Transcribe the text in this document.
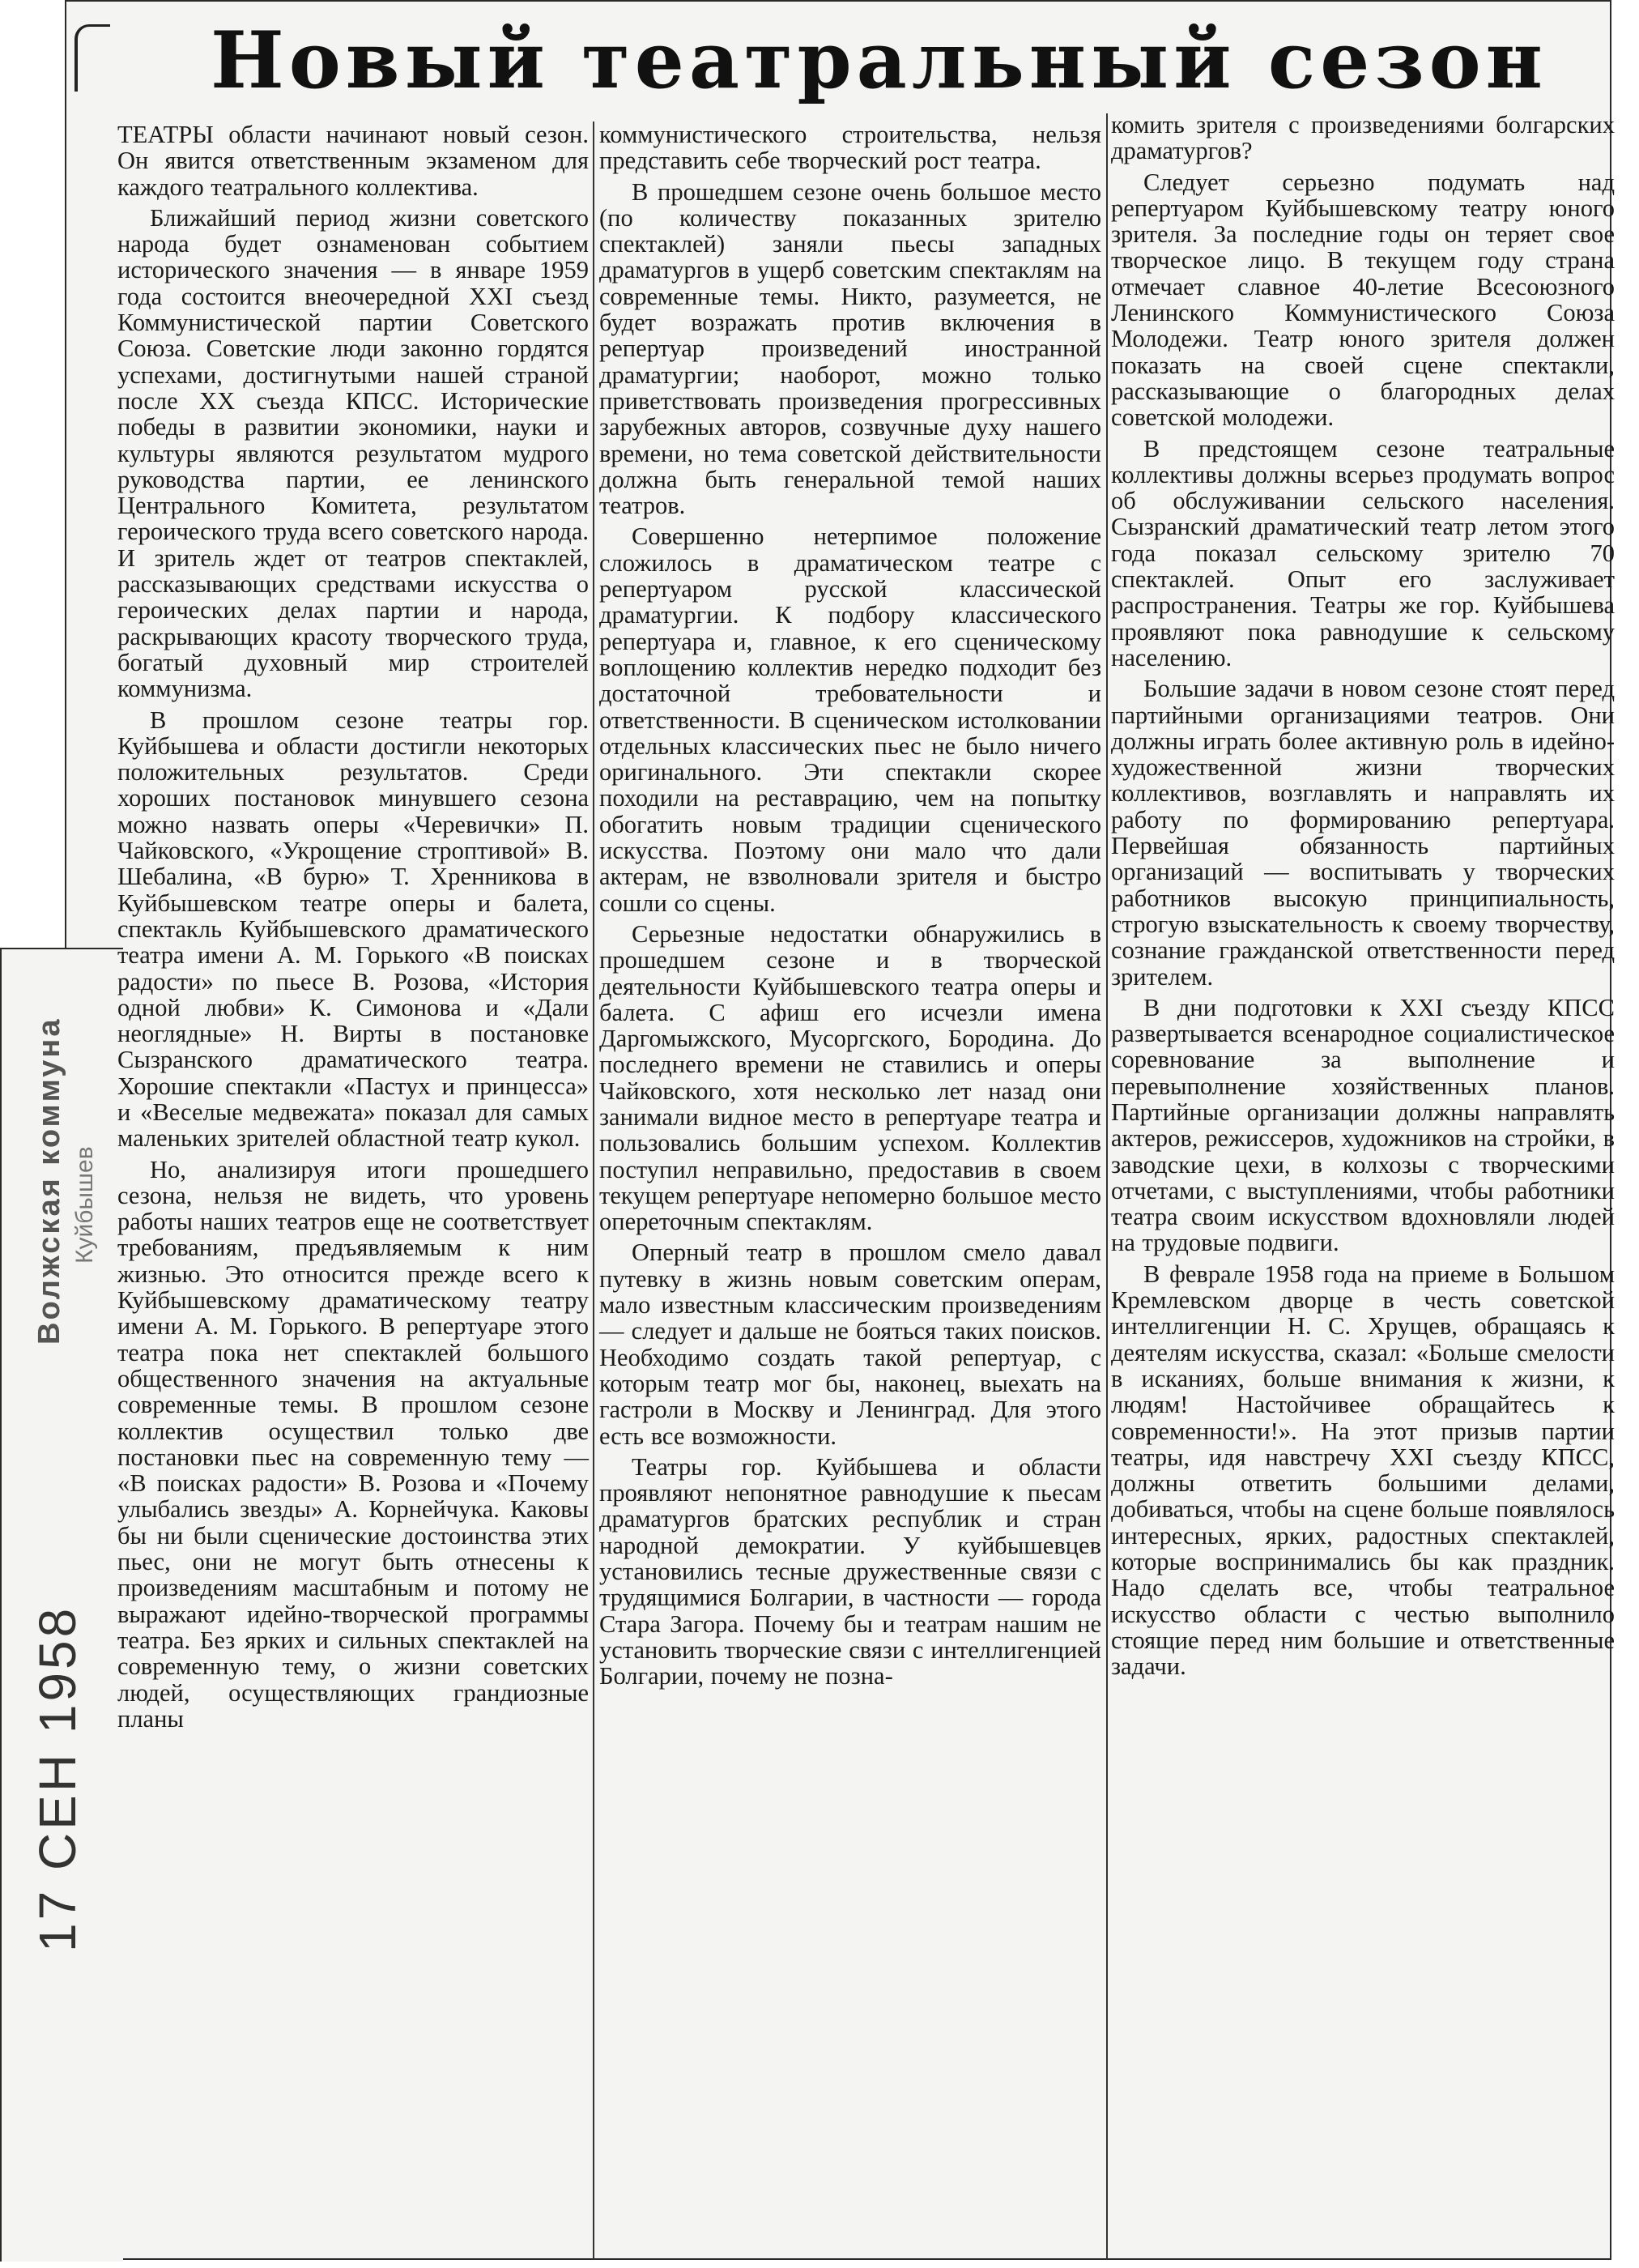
Волжская коммуна Куйбышев
17 СЕН 1958
Новый театральный сезон

ТЕАТРЫ области начинают новый сезон. Он явится ответственным экзаменом для каждого театрального коллектива.

Ближайший период жизни советского народа будет ознаменован событием исторического значения — в январе 1959 года состоится внеочередной XXI съезд Коммунистической партии Советского Союза. Советские люди законно гордятся успехами, достигнутыми нашей страной после XX съезда КПСС. Исторические победы в развитии экономики, науки и культуры являются результатом мудрого руководства партии, ее ленинского Центрального Комитета, результатом героического труда всего советского народа. И зритель ждет от театров спектаклей, рассказывающих средствами искусства о героических делах партии и народа, раскрывающих красоту творческого труда, богатый духовный мир строителей коммунизма.

В прошлом сезоне театры гор. Куйбышева и области достигли некоторых положительных результатов. Среди хороших постановок минувшего сезона можно назвать оперы «Черевички» П. Чайковского, «Укрощение строптивой» В. Шебалина, «В бурю» Т. Хренникова в Куйбышевском театре оперы и балета, спектакль Куйбышевского драматического театра имени А. М. Горького «В поисках радости» по пьесе В. Розова, «История одной любви» К. Симонова и «Дали неоглядные» Н. Вирты в постановке Сызранского драматического театра. Хорошие спектакли «Пастух и принцесса» и «Веселые медвежата» показал для самых маленьких зрителей областной театр кукол.

Но, анализируя итоги прошедшего сезона, нельзя не видеть, что уровень работы наших театров еще не соответствует требованиям, предъявляемым к ним жизнью. Это относится прежде всего к Куйбышевскому драматическому театру имени А. М. Горького. В репертуаре этого театра пока нет спектаклей большого общественного значения на актуальные современные темы. В прошлом сезоне коллектив осуществил только две постановки пьес на современную тему — «В поисках радости» В. Розова и «Почему улыбались звезды» А. Корнейчука. Каковы бы ни были сценические достоинства этих пьес, они не могут быть отнесены к произведениям масштабным и потому не выражают идейно-творческой программы театра. Без ярких и сильных спектаклей на современную тему, о жизни советских людей, осуществляющих грандиозные планы

коммунистического строительства, нельзя представить себе творческий рост театра.

В прошедшем сезоне очень большое место (по количеству показанных зрителю спектаклей) заняли пьесы западных драматургов в ущерб советским спектаклям на современные темы. Никто, разумеется, не будет возражать против включения в репертуар произведений иностранной драматургии; наоборот, можно только приветствовать произведения прогрессивных зарубежных авторов, созвучные духу нашего времени, но тема советской действительности должна быть генеральной темой наших театров.

Совершенно нетерпимое положение сложилось в драматическом театре с репертуаром русской классической драматургии. К подбору классического репертуара и, главное, к его сценическому воплощению коллектив нередко подходит без достаточной требовательности и ответственности. В сценическом истолковании отдельных классических пьес не было ничего оригинального. Эти спектакли скорее походили на реставрацию, чем на попытку обогатить новым традиции сценического искусства. Поэтому они мало что дали актерам, не взволновали зрителя и быстро сошли со сцены.

Серьезные недостатки обнаружились в прошедшем сезоне и в творческой деятельности Куйбышевского театра оперы и балета. С афиш его исчезли имена Даргомыжского, Мусоргского, Бородина. До последнего времени не ставились и оперы Чайковского, хотя несколько лет назад они занимали видное место в репертуаре театра и пользовались большим успехом. Коллектив поступил неправильно, предоставив в своем текущем репертуаре непомерно большое место опереточным спектаклям.

Оперный театр в прошлом смело давал путевку в жизнь новым советским операм, мало известным классическим произведениям — следует и дальше не бояться таких поисков. Необходимо создать такой репертуар, с которым театр мог бы, наконец, выехать на гастроли в Москву и Ленинград. Для этого есть все возможности.

Театры гор. Куйбышева и области проявляют непонятное равнодушие к пьесам драматургов братских республик и стран народной демократии. У куйбышевцев установились тесные дружественные связи с трудящимися Болгарии, в частности — города Стара Загора. Почему бы и театрам нашим не установить творческие связи с интеллигенцией Болгарии, почему не позна-

комить зрителя с произведениями болгарских драматургов?

Следует серьезно подумать над репертуаром Куйбышевскому театру юного зрителя. За последние годы он теряет свое творческое лицо. В текущем году страна отмечает славное 40-летие Всесоюзного Ленинского Коммунистического Союза Молодежи. Театр юного зрителя должен показать на своей сцене спектакли, рассказывающие о благородных делах советской молодежи.

В предстоящем сезоне театральные коллективы должны всерьез продумать вопрос об обслуживании сельского населения. Сызранский драматический театр летом этого года показал сельскому зрителю 70 спектаклей. Опыт его заслуживает распространения. Театры же гор. Куйбышева проявляют пока равнодушие к сельскому населению.

Большие задачи в новом сезоне стоят перед партийными организациями театров. Они должны играть более активную роль в идейно-художественной жизни творческих коллективов, возглавлять и направлять их работу по формированию репертуара. Первейшая обязанность партийных организаций — воспитывать у творческих работников высокую принципиальность, строгую взыскательность к своему творчеству, сознание гражданской ответственности перед зрителем.

В дни подготовки к XXI съезду КПСС развертывается всенародное социалистическое соревнование за выполнение и перевыполнение хозяйственных планов. Партийные организации должны направлять актеров, режиссеров, художников на стройки, в заводские цехи, в колхозы с творческими отчетами, с выступлениями, чтобы работники театра своим искусством вдохновляли людей на трудовые подвиги.

В феврале 1958 года на приеме в Большом Кремлевском дворце в честь советской интеллигенции Н. С. Хрущев, обращаясь к деятелям искусства, сказал: «Больше смелости в исканиях, больше внимания к жизни, к людям! Настойчивее обращайтесь к современности!». На этот призыв партии театры, идя навстречу XXI съезду КПСС, должны ответить большими делами, добиваться, чтобы на сцене больше появлялось интересных, ярких, радостных спектаклей, которые воспринимались бы как праздник. Надо сделать все, чтобы театральное искусство области с честью выполнило стоящие перед ним большие и ответственные задачи.
